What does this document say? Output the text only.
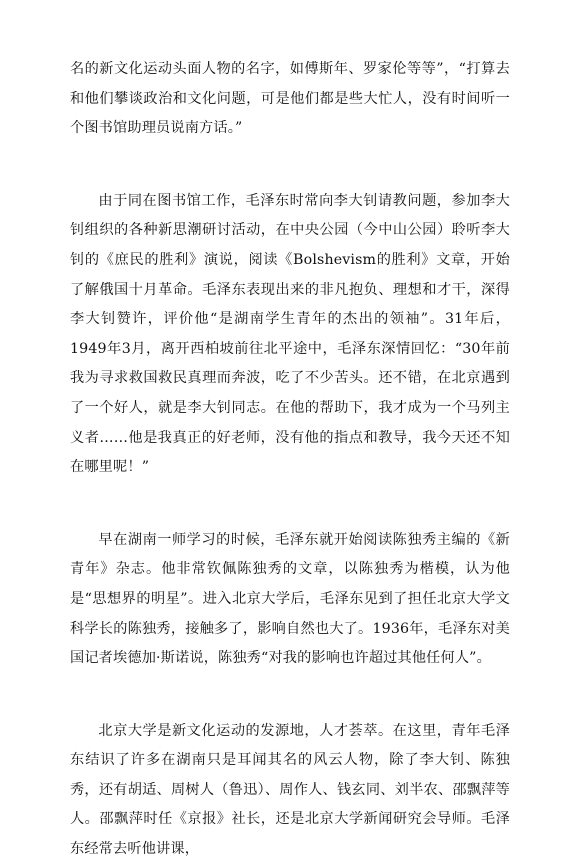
名的新文化运动头面人物的名字，如傅斯年、罗家伦等等”，“打算去和他们攀谈政治和文化问题，可是他们都是些大忙人，没有时间听一个图书馆助理员说南方话。”

由于同在图书馆工作，毛泽东时常向李大钊请教问题，参加李大钊组织的各种新思潮研讨活动，在中央公园（今中山公园）聆听李大钊的《庶民的胜利》演说，阅读《Bolshevism的胜利》文章，开始了解俄国十月革命。毛泽东表现出来的非凡抱负、理想和才干，深得李大钊赞许，评价他“是湖南学生青年的杰出的领袖”。31年后，1949年3月，离开西柏坡前往北平途中，毛泽东深情回忆：“30年前我为寻求救国救民真理而奔波，吃了不少苦头。还不错，在北京遇到了一个好人，就是李大钊同志。在他的帮助下，我才成为一个马列主义者……他是我真正的好老师，没有他的指点和教导，我今天还不知在哪里呢！”

早在湖南一师学习的时候，毛泽东就开始阅读陈独秀主编的《新青年》杂志。他非常钦佩陈独秀的文章，以陈独秀为楷模，认为他是“思想界的明星”。进入北京大学后，毛泽东见到了担任北京大学文科学长的陈独秀，接触多了，影响自然也大了。1936年，毛泽东对美国记者埃德加·斯诺说，陈独秀“对我的影响也许超过其他任何人”。

北京大学是新文化运动的发源地，人才荟萃。在这里，青年毛泽东结识了许多在湖南只是耳闻其名的风云人物，除了李大钊、陈独秀，还有胡适、周树人（鲁迅）、周作人、钱玄同、刘半农、邵飘萍等人。邵飘萍时任《京报》社长，还是北京大学新闻研究会导师。毛泽东经常去听他讲课，
